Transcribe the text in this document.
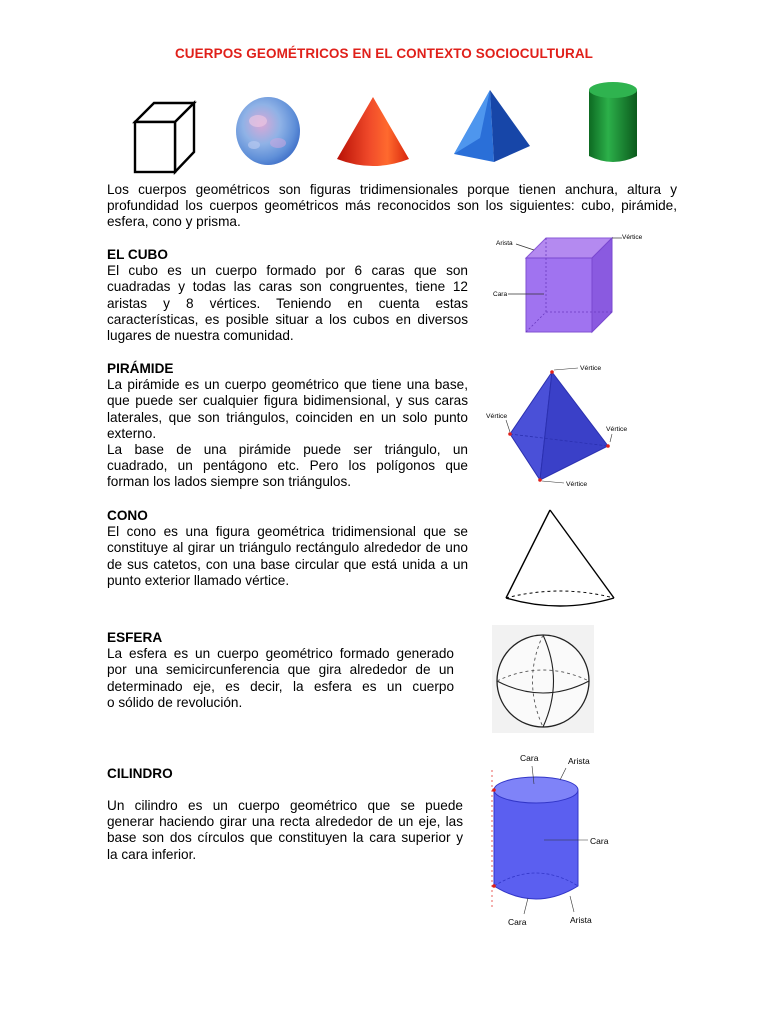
CUERPOS GEOMÉTRICOS EN EL CONTEXTO SOCIOCULTURAL
Los cuerpos geométricos son figuras tridimensionales porque tienen anchura, altura y
profundidad los cuerpos geométricos más reconocidos son los siguientes: cubo, pirámide,
esfera, cono y prisma.
EL CUBO
El cubo es un cuerpo formado por 6 caras que son
cuadradas y todas las caras son congruentes, tiene 12
aristas y 8 vértices. Teniendo en cuenta estas
características, es posible situar a los cubos en diversos
lugares de nuestra comunidad.
Arista
Vértice
Cara
PIRÁMIDE
La pirámide es un cuerpo geométrico que tiene una base,
que puede ser cualquier figura bidimensional, y sus caras
laterales, que son triángulos, coinciden en un solo punto
externo.
La base de una pirámide puede ser triángulo, un
cuadrado, un pentágono etc. Pero los polígonos que
forman los lados siempre son triángulos.
Vértice
Vértice
Vértice
Vértice
CONO
El cono es una figura geométrica tridimensional que se
constituye al girar un triángulo rectángulo alrededor de uno
de sus catetos, con una base circular que está unida a un
punto exterior llamado vértice.
ESFERA
La esfera es un cuerpo geométrico formado generado
por una semicircunferencia que gira alrededor de un
determinado eje, es decir, la esfera es un cuerpo
o sólido de revolución.
CILINDRO
Un cilindro es un cuerpo geométrico que se puede
generar haciendo girar una recta alrededor de un eje, las
base son dos círculos que constituyen la cara superior y
la cara inferior.
Cara	Arista
Cara
Cara	Arista
